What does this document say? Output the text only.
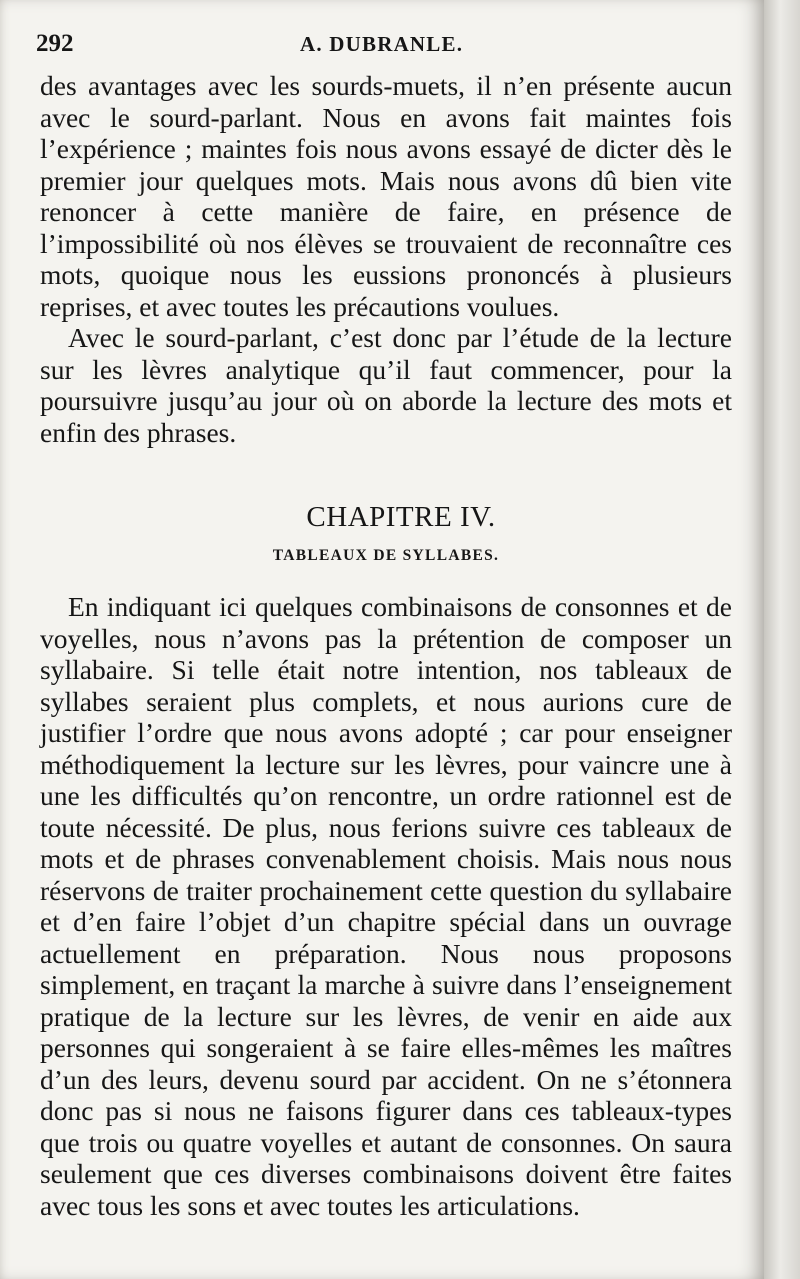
292	A. DUBRANLE.

des avantages avec les sourds-muets, il n’en présente aucun avec le sourd-parlant. Nous en avons fait maintes fois l’expérience ; maintes fois nous avons essayé de dicter dès le premier jour quelques mots. Mais nous avons dû bien vite renoncer à cette manière de faire, en présence de l’impossibilité où nos élèves se trouvaient de reconnaître ces mots, quoique nous les eussions prononcés à plusieurs reprises, et avec toutes les précautions voulues.

Avec le sourd-parlant, c’est donc par l’étude de la lecture sur les lèvres analytique qu’il faut commencer, pour la poursuivre jusqu’au jour où on aborde la lecture des mots et enfin des phrases.

CHAPITRE IV.
TABLEAUX DE SYLLABES.

En indiquant ici quelques combinaisons de consonnes et de voyelles, nous n’avons pas la prétention de composer un syllabaire. Si telle était notre intention, nos tableaux de syllabes seraient plus complets, et nous aurions cure de justifier l’ordre que nous avons adopté ; car pour enseigner méthodiquement la lecture sur les lèvres, pour vaincre une à une les difficultés qu’on rencontre, un ordre rationnel est de toute nécessité. De plus, nous ferions suivre ces tableaux de mots et de phrases convenablement choisis. Mais nous nous réservons de traiter prochainement cette question du syllabaire et d’en faire l’objet d’un chapitre spécial dans un ouvrage actuellement en préparation. Nous nous proposons simplement, en traçant la marche à suivre dans l’enseignement pratique de la lecture sur les lèvres, de venir en aide aux personnes qui songeraient à se faire elles-mêmes les maîtres d’un des leurs, devenu sourd par accident. On ne s’étonnera donc pas si nous ne faisons figurer dans ces tableaux-types que trois ou quatre voyelles et autant de consonnes. On saura seulement que ces diverses combinaisons doivent être faites avec tous les sons et avec toutes les articulations.
